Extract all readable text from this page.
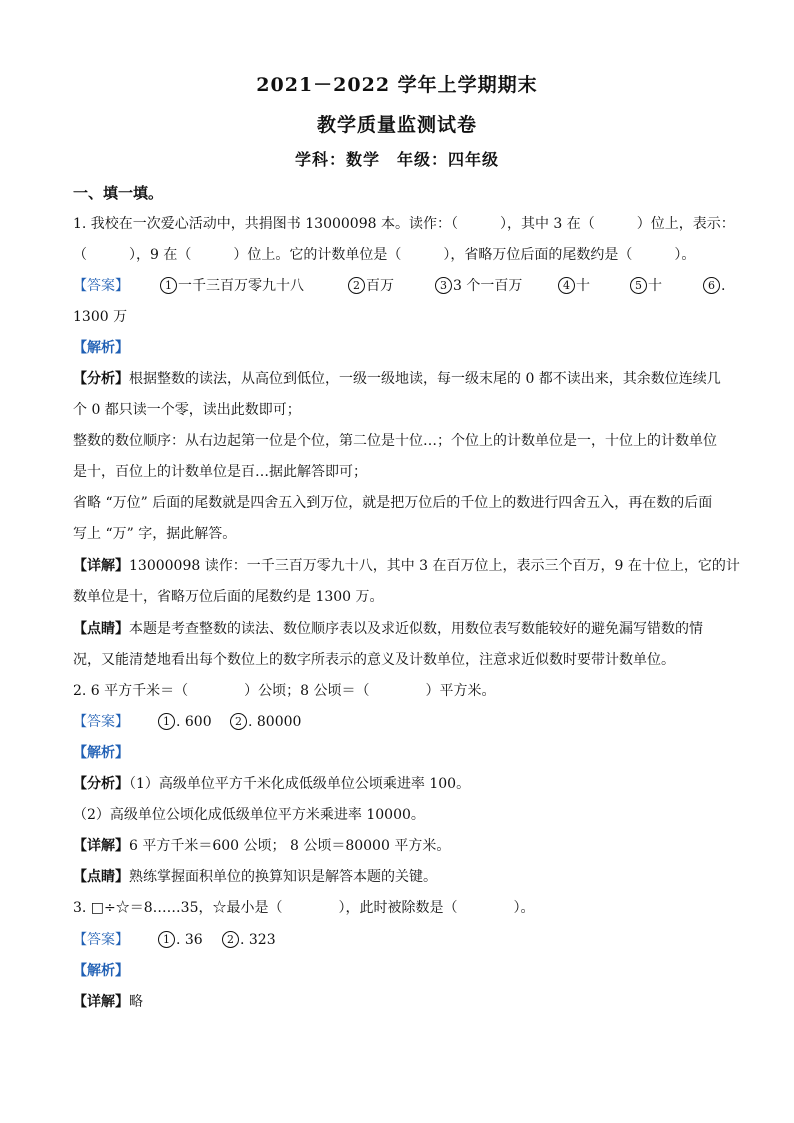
2021－2022 学年上学期期末
教学质量监测试卷
学科：数学　年级：四年级
一、填一填。
1. 我校在一次爱心活动中，共捐图书 13000098 本。读作：（　　　），其中 3 在（　　　）位上，表示：
（　　　），9 在（　　　）位上。它的计数单位是（　　　），省略万位后面的尾数约是（　　　）。
【答案】	1 一千三百万零九十八	2 百万	3 3 个一百万	4 十	5 十	6 .
1300 万
【解析】
【分析】根据整数的读法，从高位到低位，一级一级地读，每一级末尾的 0 都不读出来，其余数位连续几
个 0 都只读一个零，读出此数即可；
整数的数位顺序：从右边起第一位是个位，第二位是十位…；个位上的计数单位是一，十位上的计数单位
是十，百位上的计数单位是百…据此解答即可；
省略 “万位” 后面的尾数就是四舍五入到万位，就是把万位后的千位上的数进行四舍五入，再在数的后面
写上 “万” 字，据此解答。
【详解】13000098 读作：一千三百万零九十八，其中 3 在百万位上，表示三个百万，9 在十位上，它的计
数单位是十，省略万位后面的尾数约是 1300 万。
【点睛】本题是考查整数的读法、数位顺序表以及求近似数，用数位表写数能较好的避免漏写错数的情
况，又能清楚地看出每个数位上的数字所表示的意义及计数单位，注意求近似数时要带计数单位。
2. 6 平方千米＝（　　　　）公顷；8 公顷＝（　　　　）平方米。
【答案】	1 . 600	2 . 80000
【解析】
【分析】（1）高级单位平方千米化成低级单位公顷乘进率 100。
（2）高级单位公顷化成低级单位平方米乘进率 10000。
【详解】6 平方千米＝600 公顷； 8 公顷＝80000 平方米。
【点睛】熟练掌握面积单位的换算知识是解答本题的关键。
3. □÷☆＝8……35，☆最小是（　　　　），此时被除数是（　　　　）。
【答案】	1 . 36	2 . 323
【解析】
【详解】略
